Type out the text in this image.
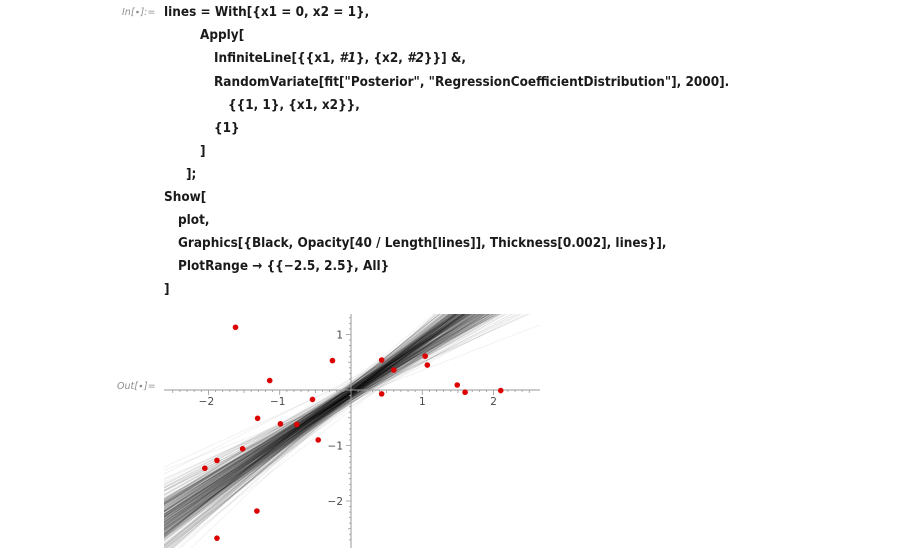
In[∙]:=
Out[∙]=
lines = With[{x1 = 0, x2 = 1},
Apply[
InfiniteLine[{{x1, #1}, {x2, #2}}] &,
RandomVariate[fit["Posterior", "RegressionCoefficientDistribution"], 2000].
{{1, 1}, {x1, x2}},
{1}
]
];
Show[
plot,
Graphics[{Black, Opacity[40 / Length[lines]], Thickness[0.002], lines}],
PlotRange → {{−2.5, 2.5}, All}
]
−2	−1	1	2
1
−1
−2
